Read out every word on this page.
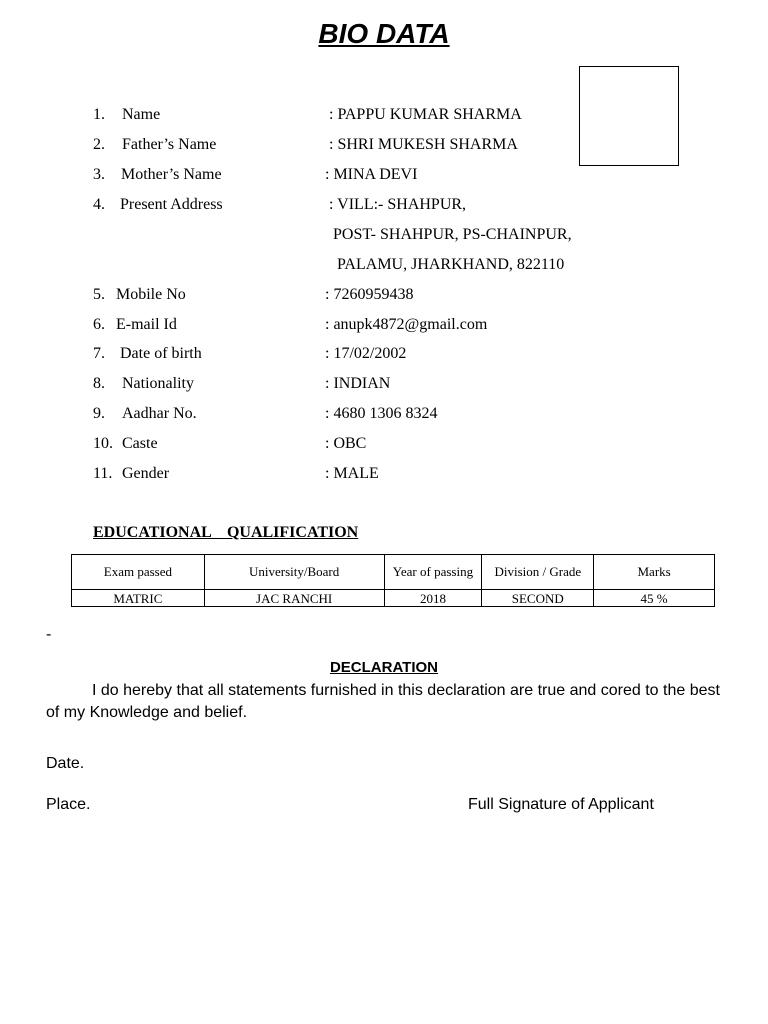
BIO DATA
1. Name	: PAPPU KUMAR SHARMA
2. Father’s Name	: SHRI MUKESH SHARMA
3. Mother’s Name	: MINA DEVI
4. Present Address	: VILL:- SHAHPUR,
POST- SHAHPUR, PS-CHAINPUR,
PALAMU, JHARKHAND, 822110
5. Mobile No	: 7260959438
6. E-mail Id	: anupk4872@gmail.com
7. Date of birth	: 17/02/2002
8. Nationality	: INDIAN
9. Aadhar No.	: 4680 1306 8324
10. Caste	: OBC
11. Gender	: MALE
EDUCATIONAL    QUALIFICATION
Exam passed	University/Board	Year of passing	Division / Grade	Marks
MATRIC	JAC RANCHI	2018	SECOND	45 %
-
DECLARATION
I do hereby that all statements furnished in this declaration are true and cored to the best of my Knowledge and belief.
Date.
Place.	Full Signature of Applicant
